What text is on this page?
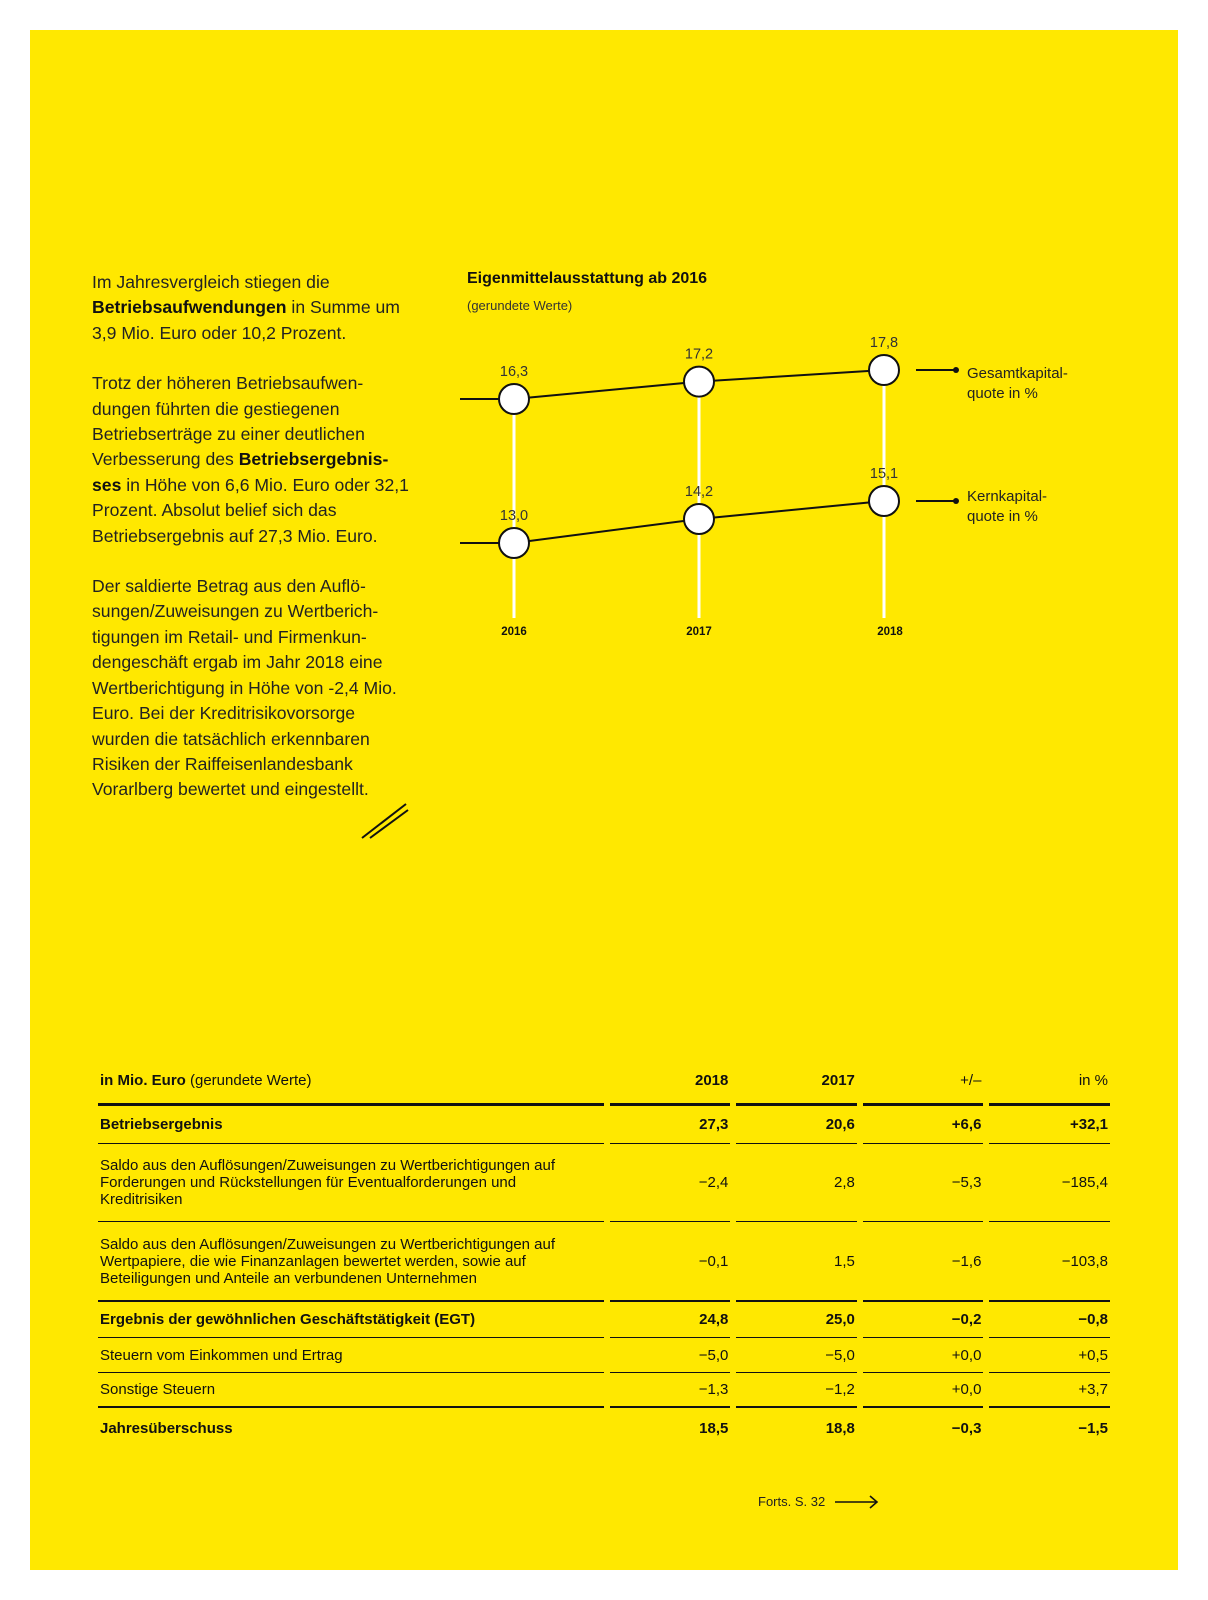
Im Jahresvergleich stiegen die Betriebsaufwendungen in Summe um 3,9 Mio. Euro oder 10,2 Prozent.

Trotz der höheren Betriebsaufwen-dungen führten die gestiegenen Betriebserträge zu einer deutlichen Verbesserung des Betriebsergebnis-ses in Höhe von 6,6 Mio. Euro oder 32,1 Prozent. Absolut belief sich das Betriebsergebnis auf 27,3 Mio. Euro.

Der saldierte Betrag aus den Auflö-sungen/Zuweisungen zu Wertberich-tigungen im Retail- und Firmenkun-dengeschäft ergab im Jahr 2018 eine Wertberichtigung in Höhe von -2,4 Mio. Euro. Bei der Kreditrisikovorsorge wurden die tatsächlich erkennbaren Risiken der Raiffeisenlandesbank Vorarlberg bewertet und eingestellt.

Eigenmittelausstattung ab 2016
(gerundete Werte)
16,3
17,2
17,8
13,0
14,2
15,1
2016	2017	2018
Gesamtkapital-
quote in %
Kernkapital-
quote in %
in Mio. Euro (gerundete Werte)	2018	2017	+/–	in %
Betriebsergebnis	27,3	20,6	+6,6	+32,1
Saldo aus den Auflösungen/Zuweisungen zu Wertberichtigungen auf Forderungen und Rückstellungen für Eventualforderungen und Kreditrisiken	−2,4	2,8	−5,3	−185,4
Saldo aus den Auflösungen/Zuweisungen zu Wertberichtigungen auf Wertpapiere, die wie Finanzanlagen bewertet werden, sowie auf Beteiligungen und Anteile an verbundenen Unternehmen	−0,1	1,5	−1,6	−103,8
Ergebnis der gewöhnlichen Geschäftstätigkeit (EGT)	24,8	25,0	−0,2	−0,8
Steuern vom Einkommen und Ertrag	−5,0	−5,0	+0,0	+0,5
Sonstige Steuern	−1,3	−1,2	+0,0	+3,7
Jahresüberschuss	18,5	18,8	−0,3	−1,5
Forts. S. 32
